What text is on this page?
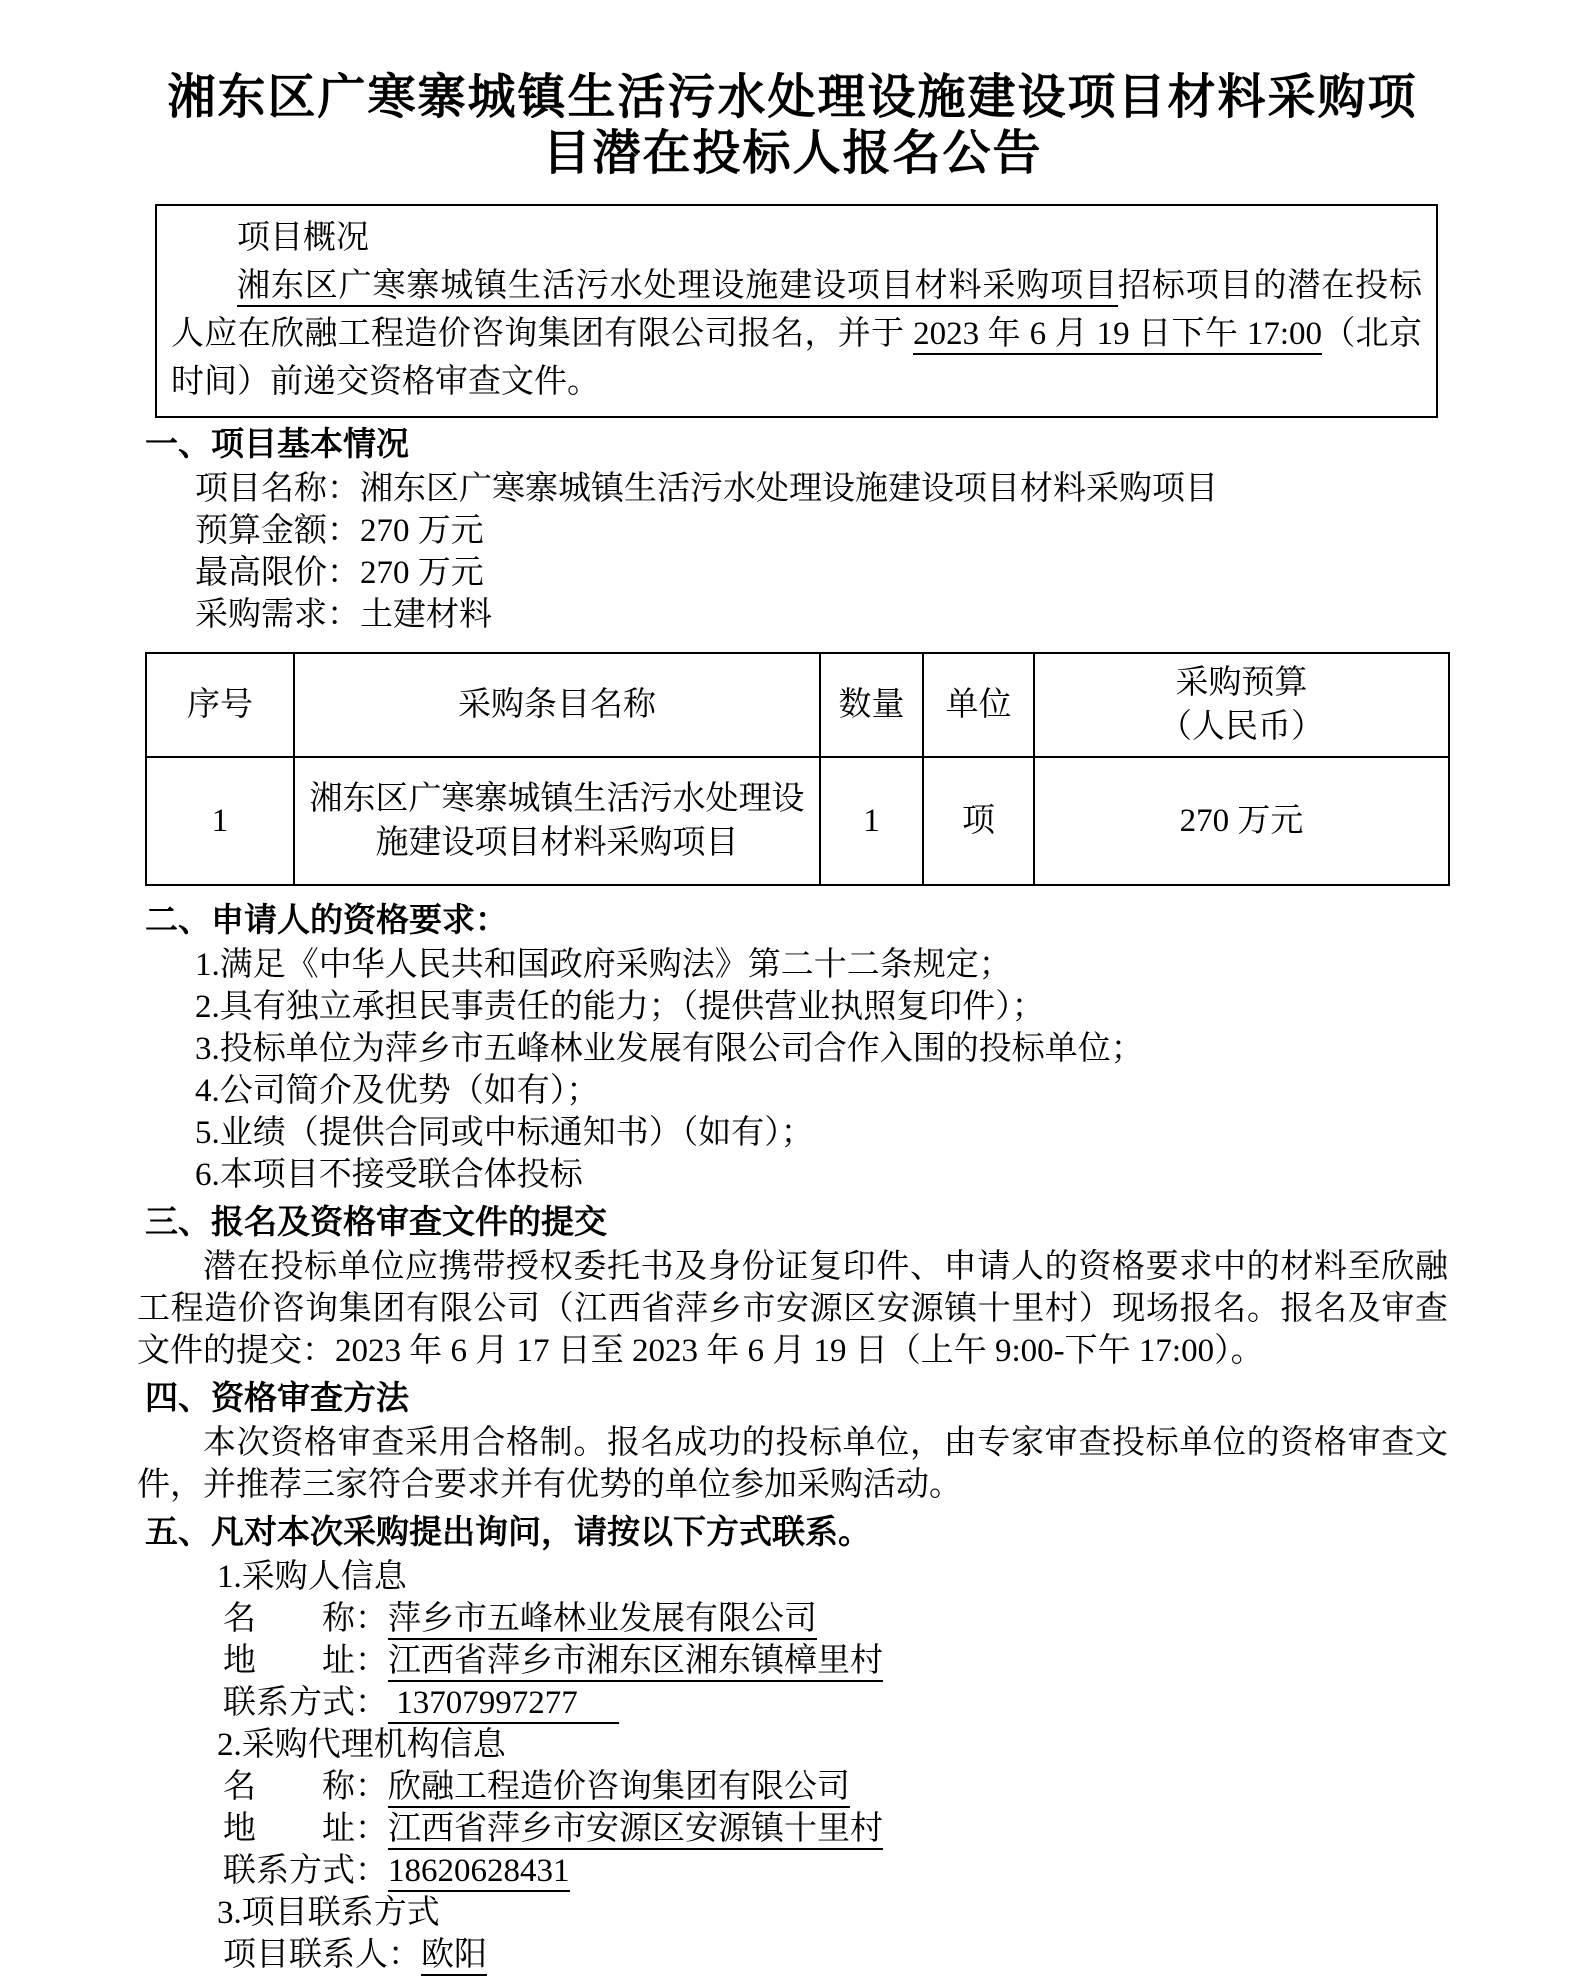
湘东区广寒寨城镇生活污水处理设施建设项目材料采购项
目潜在投标人报名公告

项目概况

湘东区广寒寨城镇生活污水处理设施建设项目材料采购项目招标项目的潜在投标人应在欣融工程造价咨询集团有限公司报名，并于 2023 年 6 月 19 日下午 17:00（北京时间）前递交资格审查文件。

一、项目基本情况
项目名称：湘东区广寒寨城镇生活污水处理设施建设项目材料采购项目
预算金额：270 万元
最高限价：270 万元
采购需求：土建材料
序号	采购条目名称	数量	单位	采购预算
（人民币）

1	湘东区广寒寨城镇生活污水处理设施建设项目材料采购项目	1	项	270 万元
二、申请人的资格要求：
1.满足《中华人民共和国政府采购法》第二十二条规定；
2.具有独立承担民事责任的能力；（提供营业执照复印件）；
3.投标单位为萍乡市五峰林业发展有限公司合作入围的投标单位；
4.公司简介及优势（如有）；
5.业绩（提供合同或中标通知书）（如有）；
6.本项目不接受联合体投标
三、报名及资格审查文件的提交

潜在投标单位应携带授权委托书及身份证复印件、申请人的资格要求中的材料至欣融工程造价咨询集团有限公司（江西省萍乡市安源区安源镇十里村）现场报名。报名及审查文件的提交：2023 年 6 月 17 日至 2023 年 6 月 19 日（上午 9:00-下午 17:00）。

四、资格审查方法

本次资格审查采用合格制。报名成功的投标单位，由专家审查投标单位的资格审查文件，并推荐三家符合要求并有优势的单位参加采购活动。

五、凡对本次采购提出询问，请按以下方式联系。
1.采购人信息
名　　称：萍乡市五峰林业发展有限公司
地　　址：江西省萍乡市湘东区湘东镇樟里村
联系方式： 13707997277　
2.采购代理机构信息
名　　称：欣融工程造价咨询集团有限公司
地　　址：江西省萍乡市安源区安源镇十里村
联系方式：18620628431
3.项目联系方式
项目联系人：欧阳
